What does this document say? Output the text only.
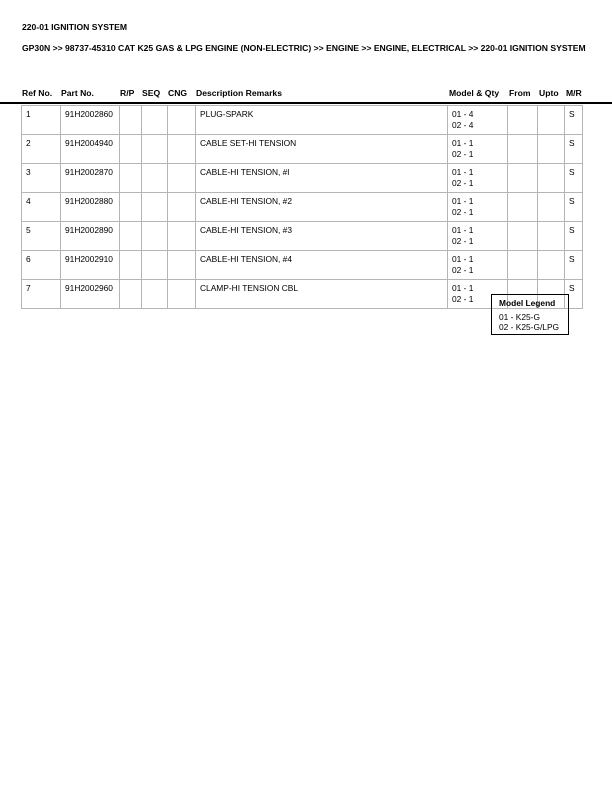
220-01 IGNITION SYSTEM
GP30N >> 98737-45310 CAT K25 GAS & LPG ENGINE (NON-ELECTRIC) >> ENGINE >> ENGINE, ELECTRICAL >> 220-01 IGNITION SYSTEM
Ref No. Part No.	R/P SEQ CNG Description Remarks	Model & Qty From Upto M/R
1	91H2002860				PLUG-SPARK	01 - 4
02 - 4			S

2	91H2004940				CABLE SET-HI TENSION	01 - 1
02 - 1			S

3	91H2002870				CABLE-HI TENSION, #l	01 - 1
02 - 1			S

4	91H2002880				CABLE-HI TENSION, #2	01 - 1
02 - 1			S

5	91H2002890				CABLE-HI TENSION, #3	01 - 1
02 - 1			S

6	91H2002910				CABLE-HI TENSION, #4	01 - 1
02 - 1			S

7	91H2002960				CLAMP-HI TENSION CBL	01 - 1
02 - 1			S
Model Legend
01 - K25-G
02 - K25-G/LPG
